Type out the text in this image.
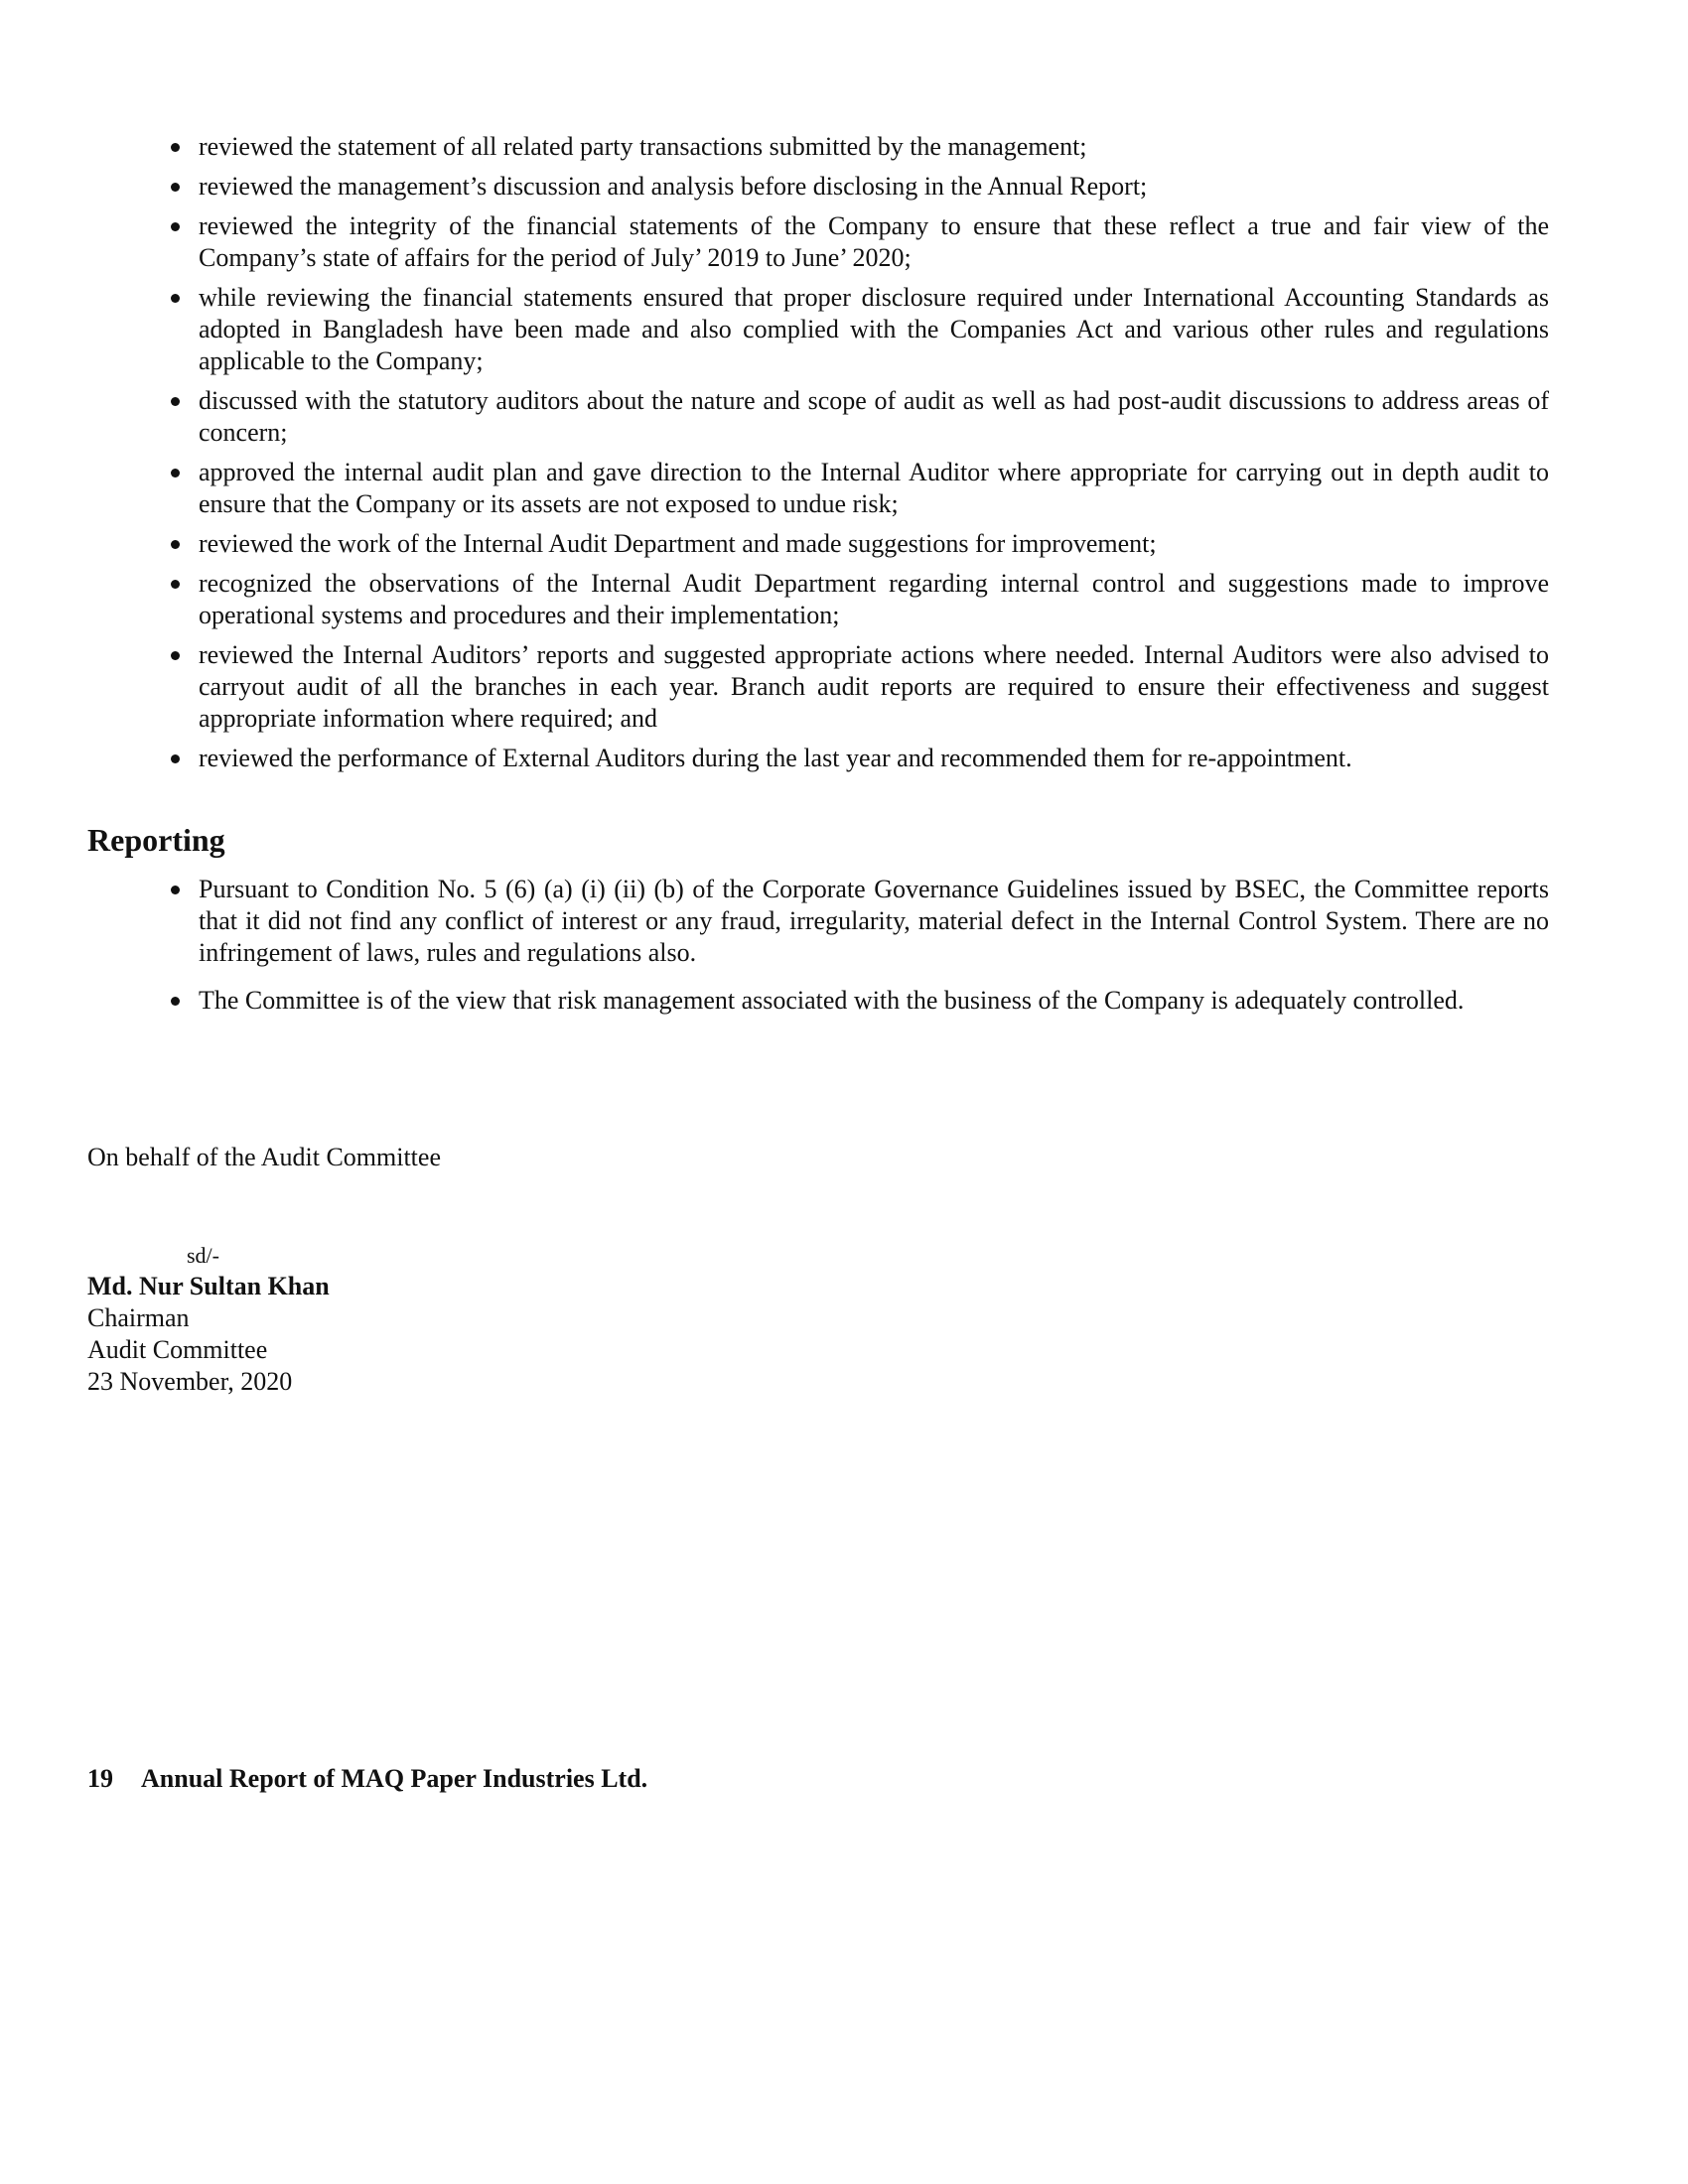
reviewed the statement of all related party transactions submitted by the management;
reviewed the management’s discussion and analysis before disclosing in the Annual Report;
reviewed the integrity of the financial statements of the Company to ensure that these reflect a true and fair view of the Company’s state of affairs for the period of July’ 2019 to June’ 2020;
while reviewing the financial statements ensured that proper disclosure required under International Accounting Standards as adopted in Bangladesh have been made and also complied with the Companies Act and various other rules and regulations applicable to the Company;
discussed with the statutory auditors about the nature and scope of audit as well as had post-audit discussions to address areas of concern;
approved the internal audit plan and gave direction to the Internal Auditor where appropriate for carrying out in depth audit to ensure that the Company or its assets are not exposed to undue risk;
reviewed the work of the Internal Audit Department and made suggestions for improvement;
recognized the observations of the Internal Audit Department regarding internal control and suggestions made to improve operational systems and procedures and their implementation;
reviewed the Internal Auditors’ reports and suggested appropriate actions where needed. Internal Auditors were also advised to carryout audit of all the branches in each year. Branch audit reports are required to ensure their effectiveness and suggest appropriate information where required; and
reviewed the performance of External Auditors during the last year and recommended them for re-appointment.
Reporting
Pursuant to Condition No. 5 (6) (a) (i) (ii) (b) of the Corporate Governance Guidelines issued by BSEC, the Committee reports that it did not find any conflict of interest or any fraud, irregularity, material defect in the Internal Control System. There are no infringement of laws, rules and regulations also.
The Committee is of the view that risk management associated with the business of the Company is adequately controlled.
On behalf of the Audit Committee
sd/-
Md. Nur Sultan Khan
Chairman
Audit Committee
23 November, 2020
19 Annual Report of MAQ Paper Industries Ltd.
